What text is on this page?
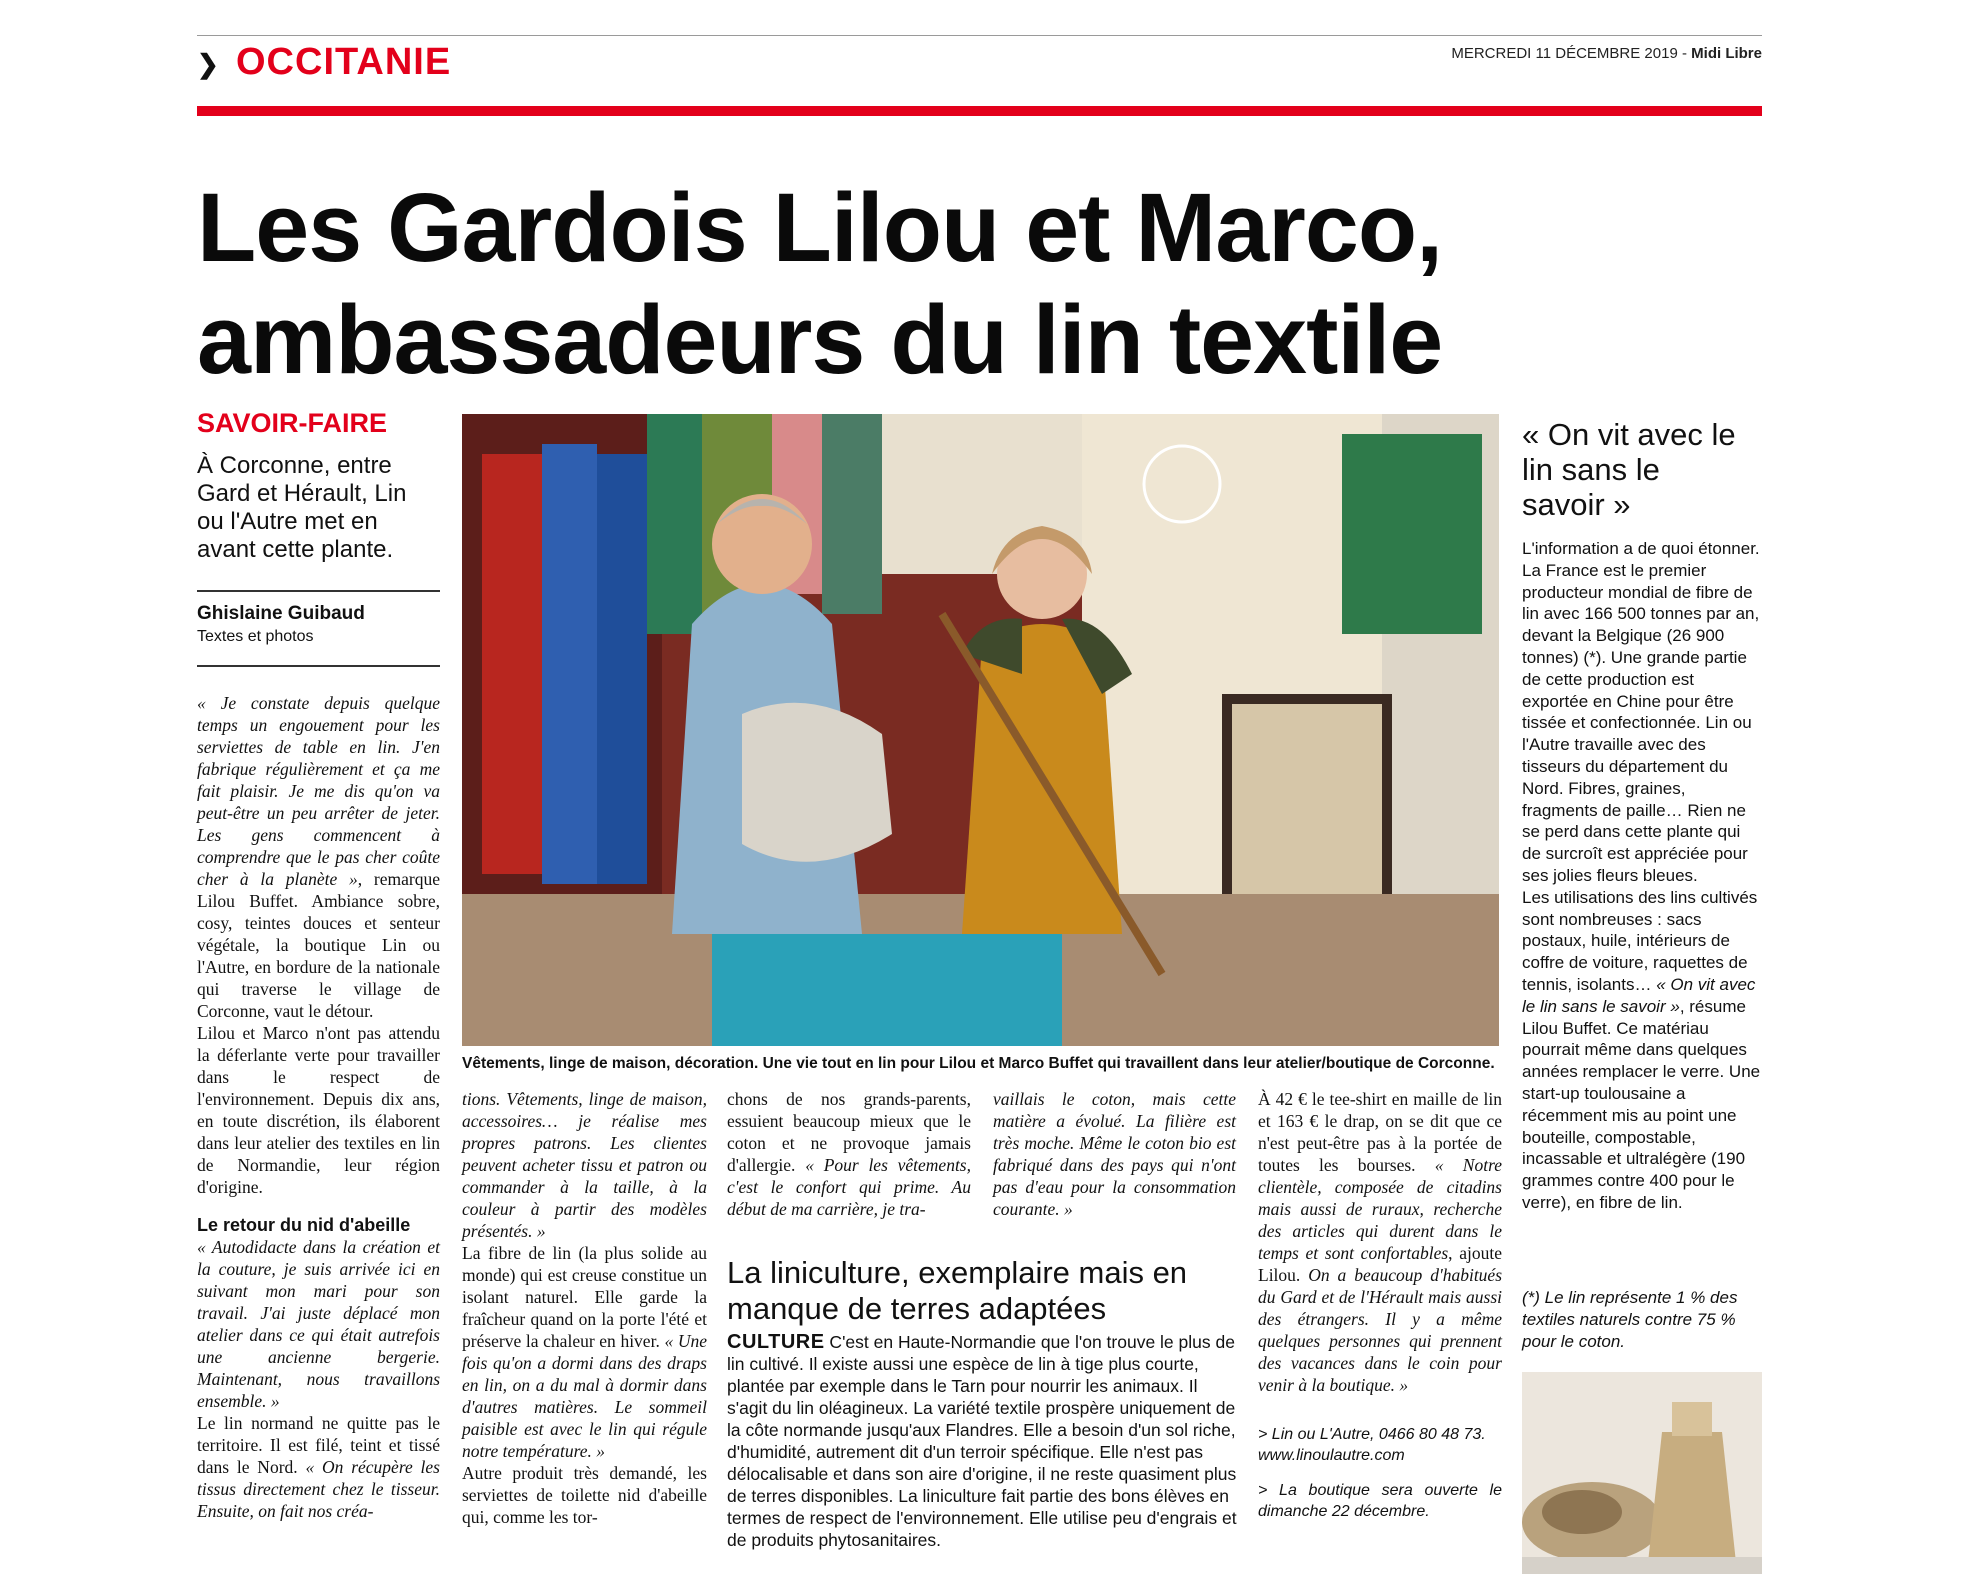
❯ OCCITANIE	MERCREDI 11 DÉCEMBRE 2019 - Midi Libre
Les Gardois Lilou et Marco,
ambassadeurs du lin textile
SAVOIR-FAIRE
À Corconne, entre Gard et Hérault, Lin ou l'Autre met en avant cette plante.
Ghislaine Guibaud
Textes et photos

« Je constate depuis quelque temps un engouement pour les serviettes de table en lin. J'en fabrique régulièrement et ça me fait plaisir. Je me dis qu'on va peut-être un peu arrêter de jeter. Les gens commencent à comprendre que le pas cher coûte cher à la planète », remarque Lilou Buffet. Ambiance sobre, cosy, teintes douces et senteur végétale, la boutique Lin ou l'Autre, en bordure de la nationale qui traverse le village de Corconne, vaut le détour.

Lilou et Marco n'ont pas attendu la déferlante verte pour travailler dans le respect de l'environnement. Depuis dix ans, en toute discrétion, ils élaborent dans leur atelier des textiles en lin de Normandie, leur région d'origine.

Le retour du nid d'abeille

« Autodidacte dans la création et la couture, je suis arrivée ici en suivant mon mari pour son travail. J'ai juste déplacé mon atelier dans ce qui était autrefois une ancienne bergerie. Maintenant, nous travaillons ensemble. »

Le lin normand ne quitte pas le territoire. Il est filé, teint et tissé dans le Nord. « On récupère les tissus directement chez le tisseur. Ensuite, on fait nos créa-

Vêtements, linge de maison, décoration. Une vie tout en lin pour Lilou et Marco Buffet qui travaillent dans leur atelier/boutique de Corconne.

tions. Vêtements, linge de maison, accessoires… je réalise mes propres patrons. Les clientes peuvent acheter tissu et patron ou commander à la taille, à la couleur à partir des modèles présentés. »

La fibre de lin (la plus solide au monde) qui est creuse constitue un isolant naturel. Elle garde la fraîcheur quand on la porte l'été et préserve la chaleur en hiver. « Une fois qu'on a dormi dans des draps en lin, on a du mal à dormir dans d'autres matières. Le sommeil paisible est avec le lin qui régule notre température. »

Autre produit très demandé, les serviettes de toilette nid d'abeille qui, comme les tor-

chons de nos grands-parents, essuient beaucoup mieux que le coton et ne provoque jamais d'allergie. « Pour les vêtements, c'est le confort qui prime. Au début de ma carrière, je tra-

vaillais le coton, mais cette matière a évolué. La filière est très moche. Même le coton bio est fabriqué dans des pays qui n'ont pas d'eau pour la consommation courante. »

La liniculture, exemplaire mais en manque de terres adaptées
CULTURE C'est en Haute-Normandie que l'on trouve le plus de lin cultivé. Il existe aussi une espèce de lin à tige plus courte, plantée par exemple dans le Tarn pour nourrir les animaux. Il s'agit du lin oléagineux. La variété textile prospère uniquement de la côte normande jusqu'aux Flandres. Elle a besoin d'un sol riche, d'humidité, autrement dit d'un terroir spécifique. Elle n'est pas délocalisable et dans son aire d'origine, il ne reste quasiment plus de terres disponibles. La liniculture fait partie des bons élèves en termes de respect de l'environnement. Elle utilise peu d'engrais et de produits phytosanitaires.

À 42 € le tee-shirt en maille de lin et 163 € le drap, on se dit que ce n'est peut-être pas à la portée de toutes les bourses. « Notre clientèle, composée de citadins mais aussi de ruraux, recherche des articles qui durent dans le temps et sont confortables, ajoute Lilou. On a beaucoup d'habitués du Gard et de l'Hérault mais aussi des étrangers. Il y a même quelques personnes qui prennent des vacances dans le coin pour venir à la boutique. »

> Lin ou L'Autre, 0466 80 48 73.
www.linoulautre.com
> La boutique sera ouverte le dimanche 22 décembre.
« On vit avec le lin sans le savoir »

L'information a de quoi étonner. La France est le premier producteur mondial de fibre de lin avec 166 500 tonnes par an, devant la Belgique (26 900 tonnes) (*). Une grande partie de cette production est exportée en Chine pour être tissée et confectionnée. Lin ou l'Autre travaille avec des tisseurs du département du Nord. Fibres, graines, fragments de paille… Rien ne se perd dans cette plante qui de surcroît est appréciée pour ses jolies fleurs bleues.

Les utilisations des lins cultivés sont nombreuses : sacs postaux, huile, intérieurs de coffre de voiture, raquettes de tennis, isolants… « On vit avec le lin sans le savoir », résume Lilou Buffet. Ce matériau pourrait même dans quelques années remplacer le verre. Une start-up toulousaine a récemment mis au point une bouteille, compostable, incassable et ultralégère (190 grammes contre 400 pour le verre), en fibre de lin.

(*) Le lin représente 1 % des textiles naturels contre 75 % pour le coton.
